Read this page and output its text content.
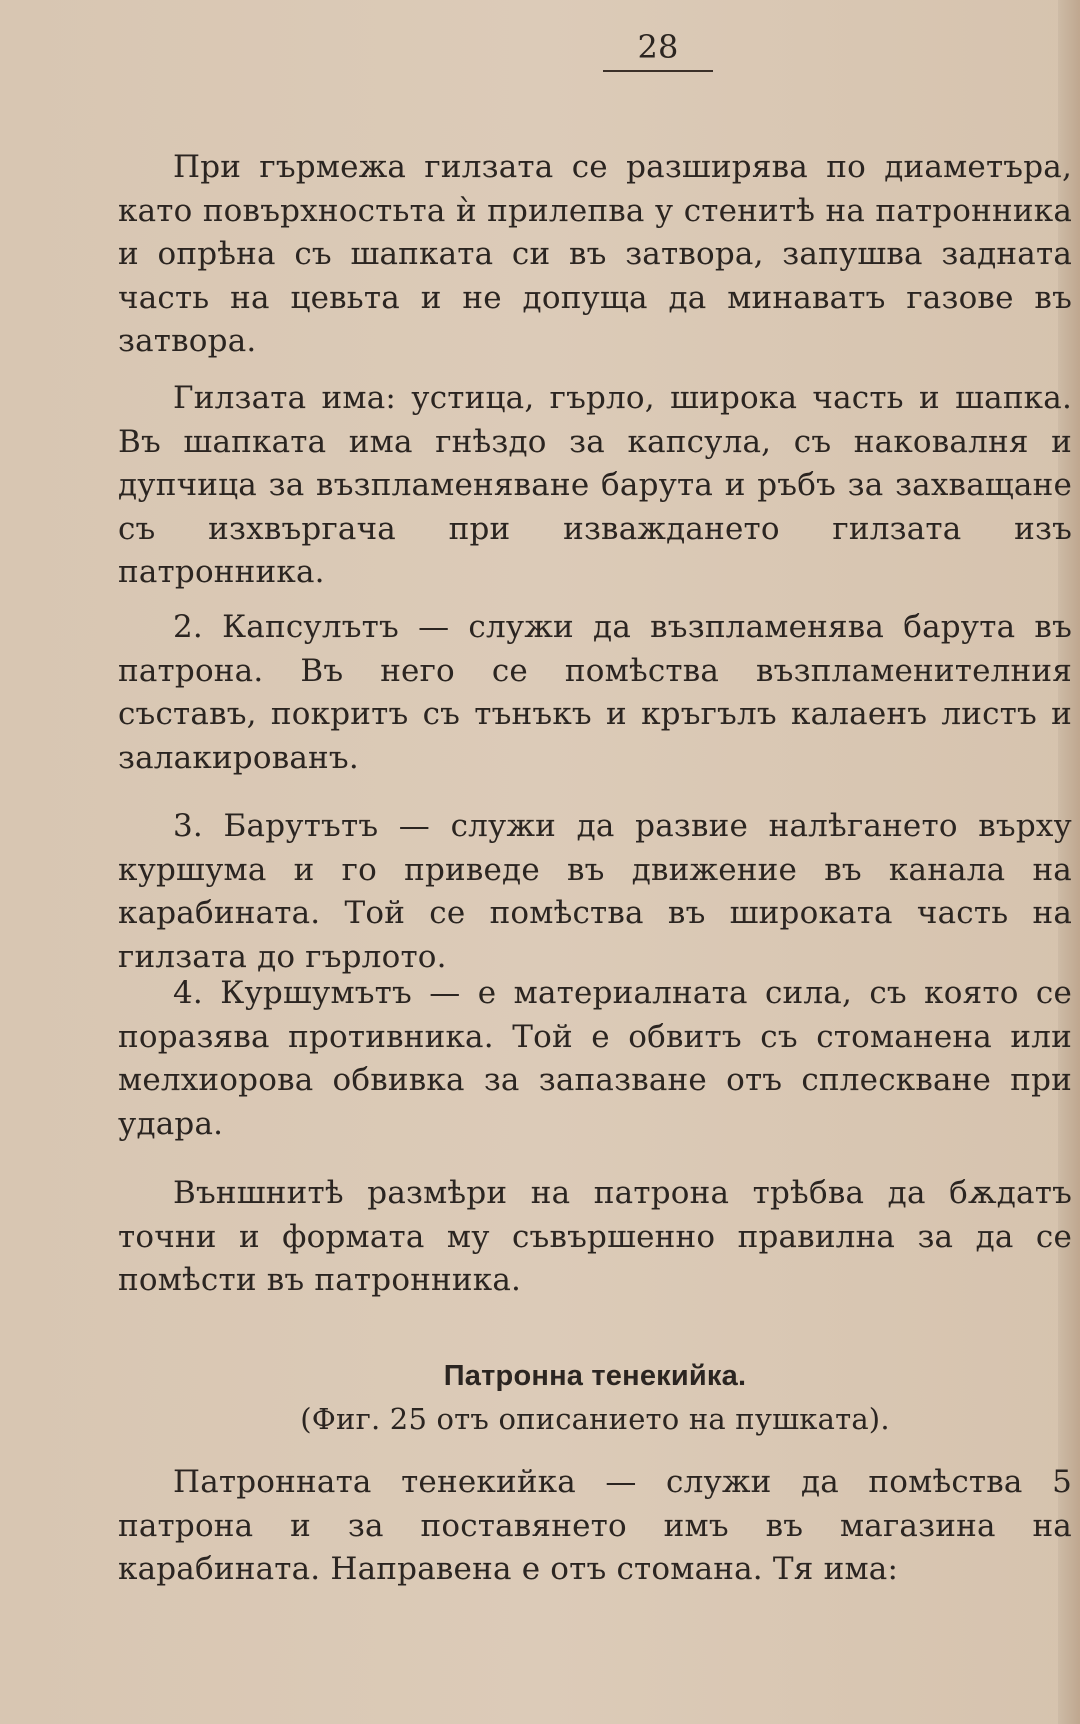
28

При гърмежа гилзата се разширява по диаметъра, като повърхностьта ѝ прилепва у стенитѣ на патронника и опрѣна съ шапката си въ затвора, запушва задната часть на цевьта и не допуща да минаватъ газове въ затвора.

Гилзата има: устица, гърло, широка часть и шапка. Въ шапката има гнѣздо за капсула, съ наковалня и дупчица за възпламеняване барута и ръбъ за захващане съ изхвъргача при изваждането гилзата изъ патронника.

2. Капсулътъ — служи да възпламенява барута въ патрона. Въ него се помѣства възпламенителния съставъ, покритъ съ тънъкъ и кръгълъ калаенъ листъ и залакированъ.

3. Барутътъ — служи да развие налѣгането върху куршума и го приведе въ движение въ канала на карабината. Той се помѣства въ широката часть на гилзата до гърлото.

4. Куршумътъ — е материалната сила, съ която се поразява противника. Той е обвитъ съ стоманена или мелхиорова обвивка за запазване отъ сплескване при удара.

Външнитѣ размѣри на патрона трѣбва да бѫдатъ точни и формата му съвършенно правилна за да се помѣсти въ патронника.

Патронна тенекийка.
(Фиг. 25 отъ описанието на пушката).

Патронната тенекийка — служи да помѣства 5 патрона и за поставянето имъ въ магазина на карабината. Направена е отъ стомана. Тя има:
